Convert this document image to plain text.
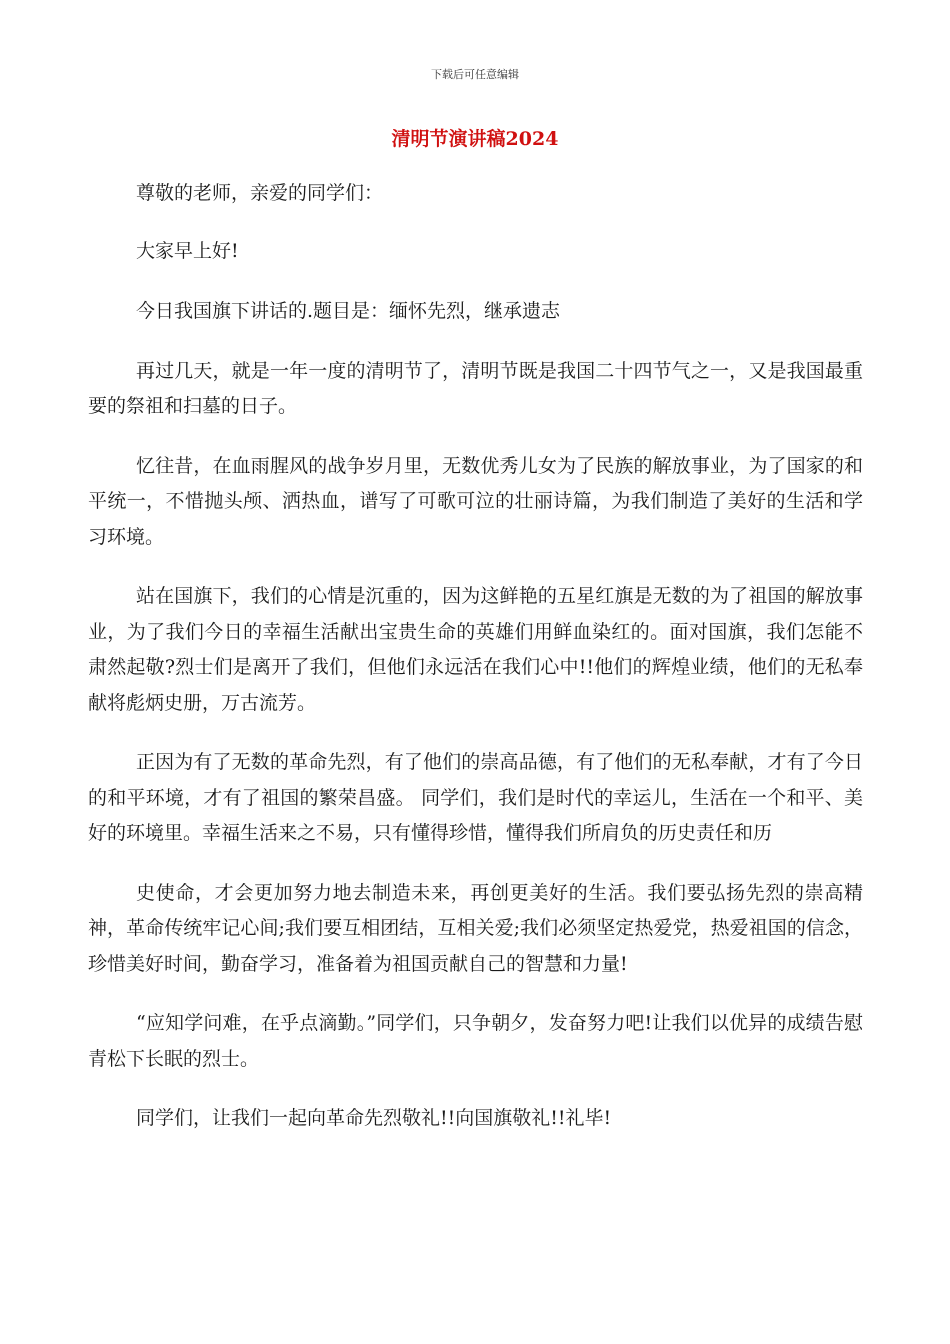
下载后可任意编辑
清明节演讲稿2024

尊敬的老师，亲爱的同学们：

大家早上好!

今日我国旗下讲话的.题目是：缅怀先烈，继承遗志

再过几天，就是一年一度的清明节了，清明节既是我国二十四节气之一，又是我国最重要的祭祖和扫墓的日子。

忆往昔，在血雨腥风的战争岁月里，无数优秀儿女为了民族的解放事业，为了国家的和平统一，不惜抛头颅、洒热血，谱写了可歌可泣的壮丽诗篇，为我们制造了美好的生活和学习环境。

站在国旗下，我们的心情是沉重的，因为这鲜艳的五星红旗是无数的为了祖国的解放事业，为了我们今日的幸福生活献出宝贵生命的英雄们用鲜血染红的。面对国旗，我们怎能不肃然起敬?烈士们是离开了我们，但他们永远活在我们心中!!他们的辉煌业绩，他们的无私奉献将彪炳史册，万古流芳。

正因为有了无数的革命先烈，有了他们的崇高品德，有了他们的无私奉献，才有了今日的和平环境，才有了祖国的繁荣昌盛。 同学们，我们是时代的幸运儿，生活在一个和平、美好的环境里。幸福生活来之不易，只有懂得珍惜，懂得我们所肩负的历史责任和历

史使命，才会更加努力地去制造未来，再创更美好的生活。我们要弘扬先烈的崇高精神，革命传统牢记心间;我们要互相团结，互相关爱;我们必须坚定热爱党，热爱祖国的信念，珍惜美好时间，勤奋学习，准备着为祖国贡献自己的智慧和力量!

“应知学问难，在乎点滴勤。”同学们，只争朝夕，发奋努力吧!让我们以优异的成绩告慰青松下长眠的烈士。

同学们，让我们一起向革命先烈敬礼!!向国旗敬礼!!礼毕!
